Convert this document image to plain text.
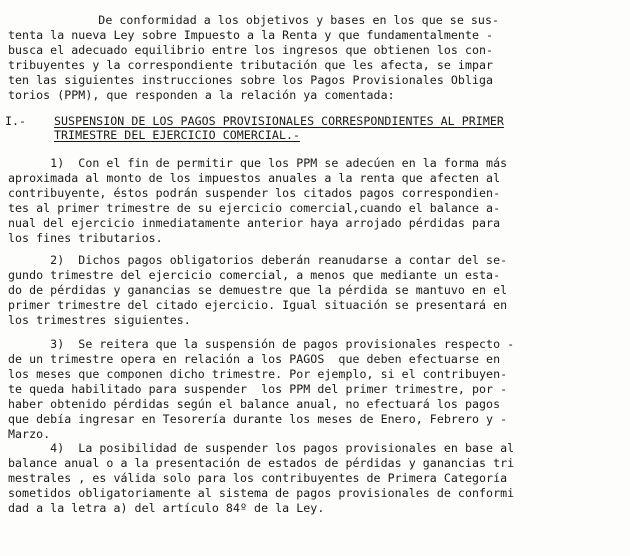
De conformidad a los objetivos y bases en los que se sus-
tenta la nueva Ley sobre Impuesto a la Renta y que fundamentalmente -
busca el adecuado equilibrio entre los ingresos que obtienen los con-
tribuyentes y la correspondiente tributación que les afecta, se impar
ten las siguientes instrucciones sobre los Pagos Provisionales Obliga
torios (PPM), que responden a la relación ya comentada:
I.- SUSPENSION DE LOS PAGOS PROVISIONALES CORRESPONDIENTES AL PRIMER
TRIMESTRE DEL EJERCICIO COMERCIAL.-
1)  Con el fin de permitir que los PPM se adecúen en la forma más
aproximada al monto de los impuestos anuales a la renta que afecten al
contribuyente, éstos podrán suspender los citados pagos correspondien-
tes al primer trimestre de su ejercicio comercial,cuando el balance a-
nual del ejercicio inmediatamente anterior haya arrojado pérdidas para
los fines tributarios.
2)  Dichos pagos obligatorios deberán reanudarse a contar del se-
gundo trimestre del ejercicio comercial, a menos que mediante un esta-
do de pérdidas y ganancias se demuestre que la pérdida se mantuvo en el
primer trimestre del citado ejercicio. Igual situación se presentará en
los trimestres siguientes.
3)  Se reitera que la suspensión de pagos provisionales respecto -
de un trimestre opera en relación a los PAGOS  que deben efectuarse en
los meses que componen dicho trimestre. Por ejemplo, si el contribuyen-
te queda habilitado para suspender  los PPM del primer trimestre, por -
haber obtenido pérdidas según el balance anual, no efectuará los pagos
que debía ingresar en Tesorería durante los meses de Enero, Febrero y -
Marzo.
4)  La posibilidad de suspender los pagos provisionales en base al
balance anual o a la presentación de estados de pérdidas y ganancias tri
mestrales , es válida solo para los contribuyentes de Primera Categoría
sometidos obligatoriamente al sistema de pagos provisionales de conformi
dad a la letra a) del artículo 84º de la Ley.
